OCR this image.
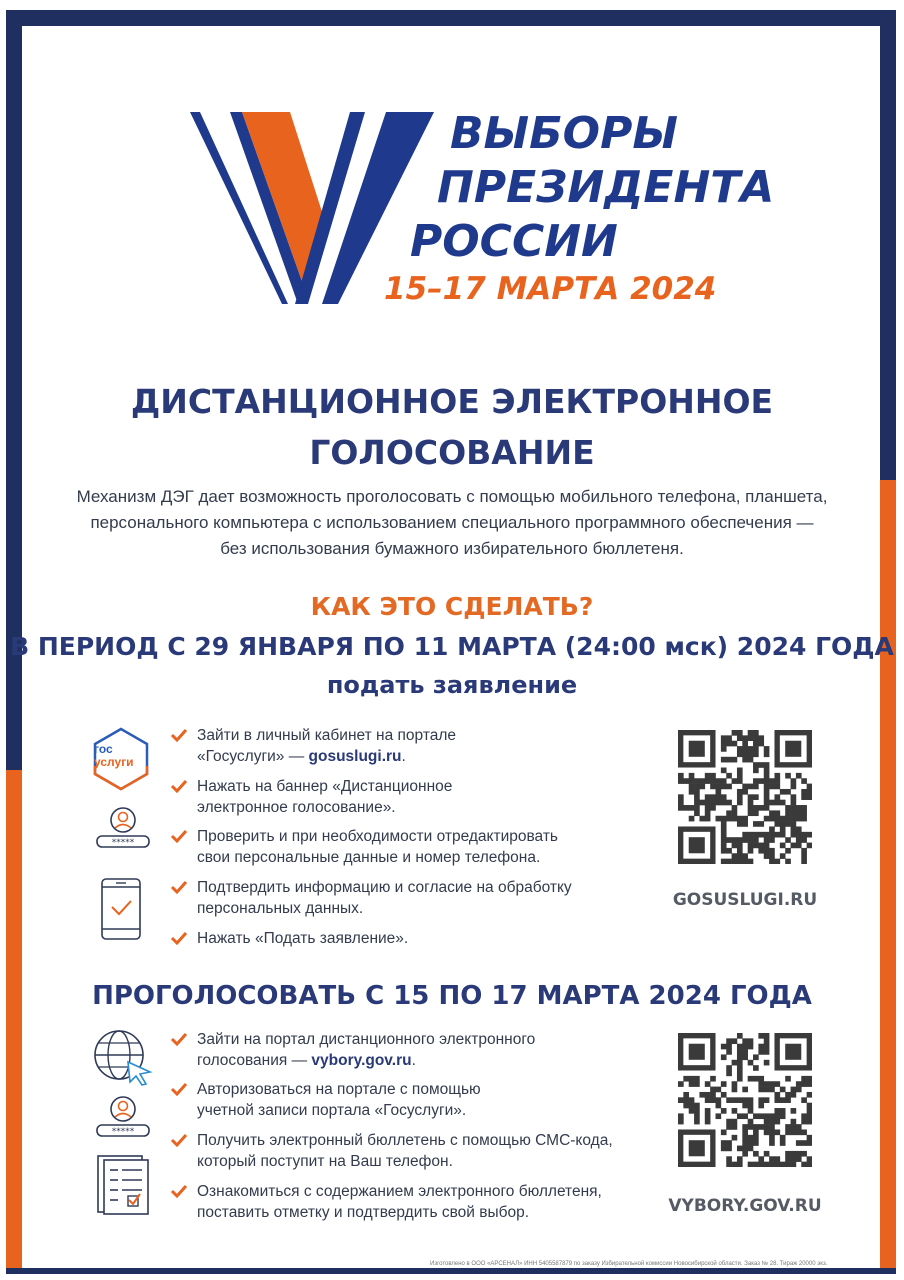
ВЫБОРЫ
ПРЕЗИДЕНТА
РОССИИ
15–17 МАРТА 2024
ДИСТАНЦИОННОЕ ЭЛЕКТРОННОЕ
ГОЛОСОВАНИЕ
Механизм ДЭГ дает возможность проголосовать с помощью мобильного телефона, планшета,
персонального компьютера с использованием специального программного обеспечения —
без использования бумажного избирательного бюллетеня.
КАК ЭТО СДЕЛАТЬ?
В ПЕРИОД С 29 ЯНВАРЯ ПО 11 МАРТА (24:00 мск) 2024 ГОДА
подать заявление
гос
услуги
*****
Зайти в личный кабинет на портале
«Госуслуги» — gosuslugi.ru.
Нажать на баннер «Дистанционное
электронное голосование».
Проверить и при необходимости отредактировать
свои персональные данные и номер телефона.
Подтвердить информацию и согласие на обработку
персональных данных.
Нажать «Подать заявление».
GOSUSLUGI.RU
ПРОГОЛОСОВАТЬ С 15 ПО 17 МАРТА 2024 ГОДА
*****
Зайти на портал дистанционного электронного
голосования — vybory.gov.ru.
Авторизоваться на портале с помощью
учетной записи портала «Госуслуги».
Получить электронный бюллетень с помощью СМС-кода,
который поступит на Ваш телефон.
Ознакомиться с содержанием электронного бюллетеня,
поставить отметку и подтвердить свой выбор.	VYBORY.GOV.RU
Изготовлено в ООО «АРСЕНАЛ» ИНН 5405587879 по заказу Избирательной комиссии Новосибирской области. Заказ № 28. Тираж 20000 экз.
